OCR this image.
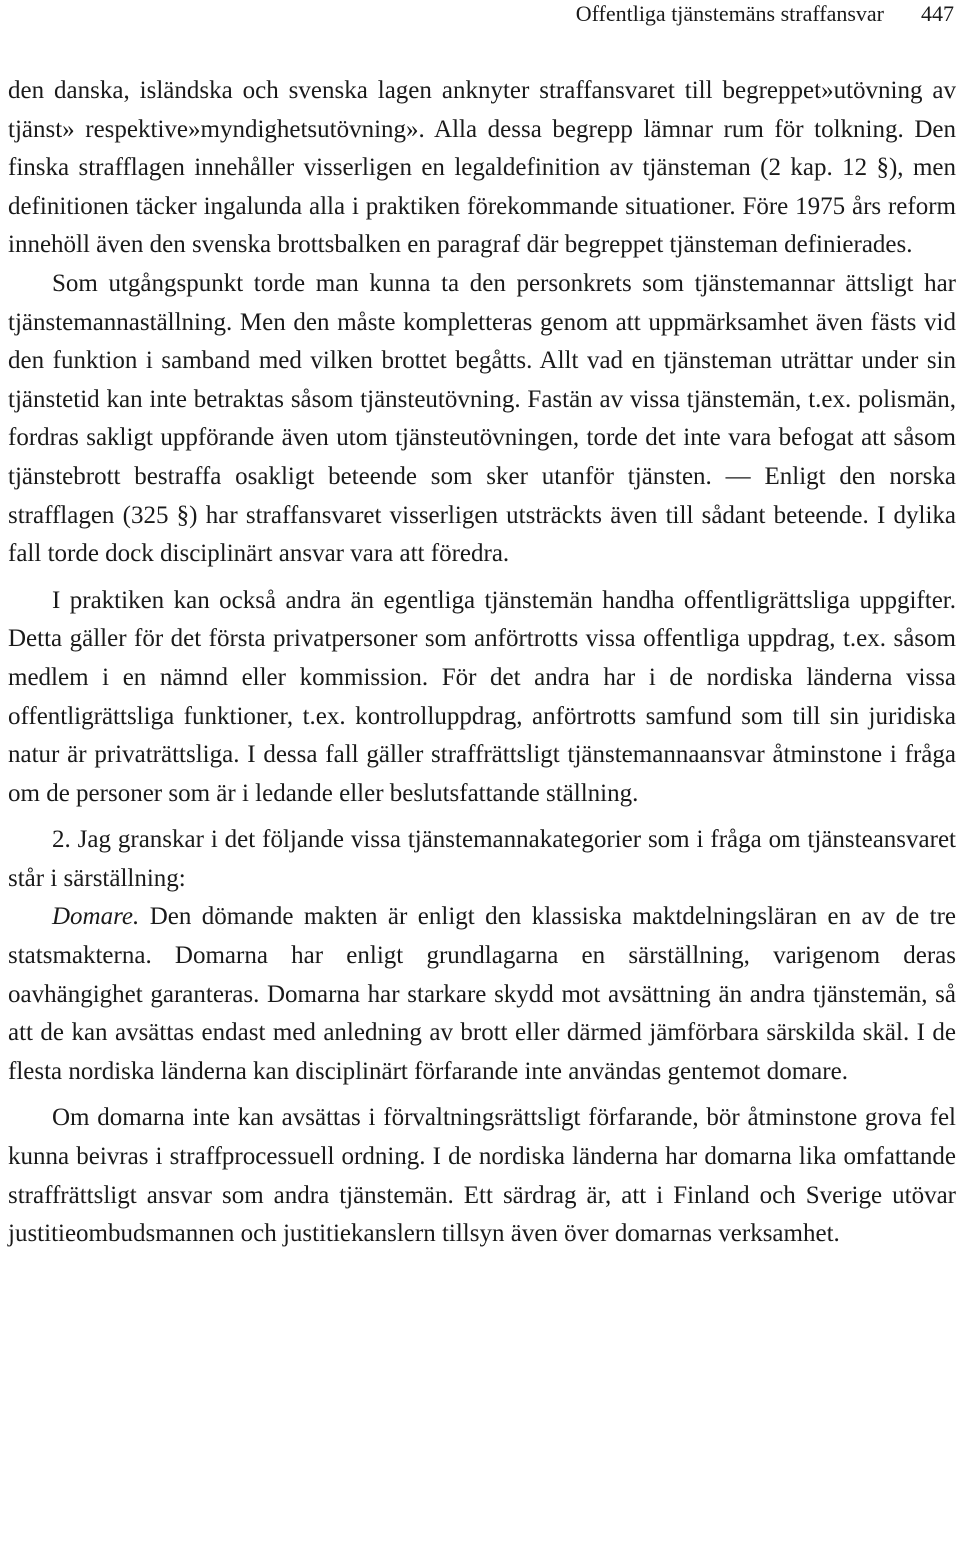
Offentliga tjänstemäns straffansvar 447

den danska, isländska och svenska lagen anknyter straffansvaret till begreppet»utövning av tjänst» respektive»myndighetsutövning». Alla dessa begrepp lämnar rum för tolkning. Den finska strafflagen innehåller visserligen en legaldefinition av tjänsteman (2 kap. 12 §), men definitionen täcker ingalunda alla i praktiken förekommande situationer. Före 1975 års reform innehöll även den svenska brottsbalken en paragraf där begreppet tjänsteman definierades.

Som utgångspunkt torde man kunna ta den personkrets som tjänstemannar ättsligt har tjänstemannaställning. Men den måste kompletteras genom att uppmärksamhet även fästs vid den funktion i samband med vilken brottet begåtts. Allt vad en tjänsteman uträttar under sin tjänstetid kan inte betraktas såsom tjänsteutövning. Fastän av vissa tjänstemän, t.ex. polismän, fordras sakligt uppförande även utom tjänsteutövningen, torde det inte vara befogat att såsom tjänstebrott bestraffa osakligt beteende som sker utanför tjänsten. — Enligt den norska strafflagen (325 §) har straffansvaret visserligen utsträckts även till sådant beteende. I dylika fall torde dock disciplinärt ansvar vara att föredra.

I praktiken kan också andra än egentliga tjänstemän handha offentligrättsliga uppgifter. Detta gäller för det första privatpersoner som anförtrotts vissa offentliga uppdrag, t.ex. såsom medlem i en nämnd eller kommission. För det andra har i de nordiska länderna vissa offentligrättsliga funktioner, t.ex. kontrolluppdrag, anförtrotts samfund som till sin juridiska natur är privaträttsliga. I dessa fall gäller straffrättsligt tjänstemannaansvar åtminstone i fråga om de personer som är i ledande eller beslutsfattande ställning.

2. Jag granskar i det följande vissa tjänstemannakategorier som i fråga om tjänsteansvaret står i särställning:

Domare. Den dömande makten är enligt den klassiska maktdelningsläran en av de tre statsmakterna. Domarna har enligt grundlagarna en särställning, varigenom deras oavhängighet garanteras. Domarna har starkare skydd mot avsättning än andra tjänstemän, så att de kan avsättas endast med anledning av brott eller därmed jämförbara särskilda skäl. I de flesta nordiska länderna kan disciplinärt förfarande inte användas gentemot domare.

Om domarna inte kan avsättas i förvaltningsrättsligt förfarande, bör åtminstone grova fel kunna beivras i straffprocessuell ordning. I de nordiska länderna har domarna lika omfattande straffrättsligt ansvar som andra tjänstemän. Ett särdrag är, att i Finland och Sverige utövar justitieombudsmannen och justitiekanslern tillsyn även över domarnas verksamhet.
